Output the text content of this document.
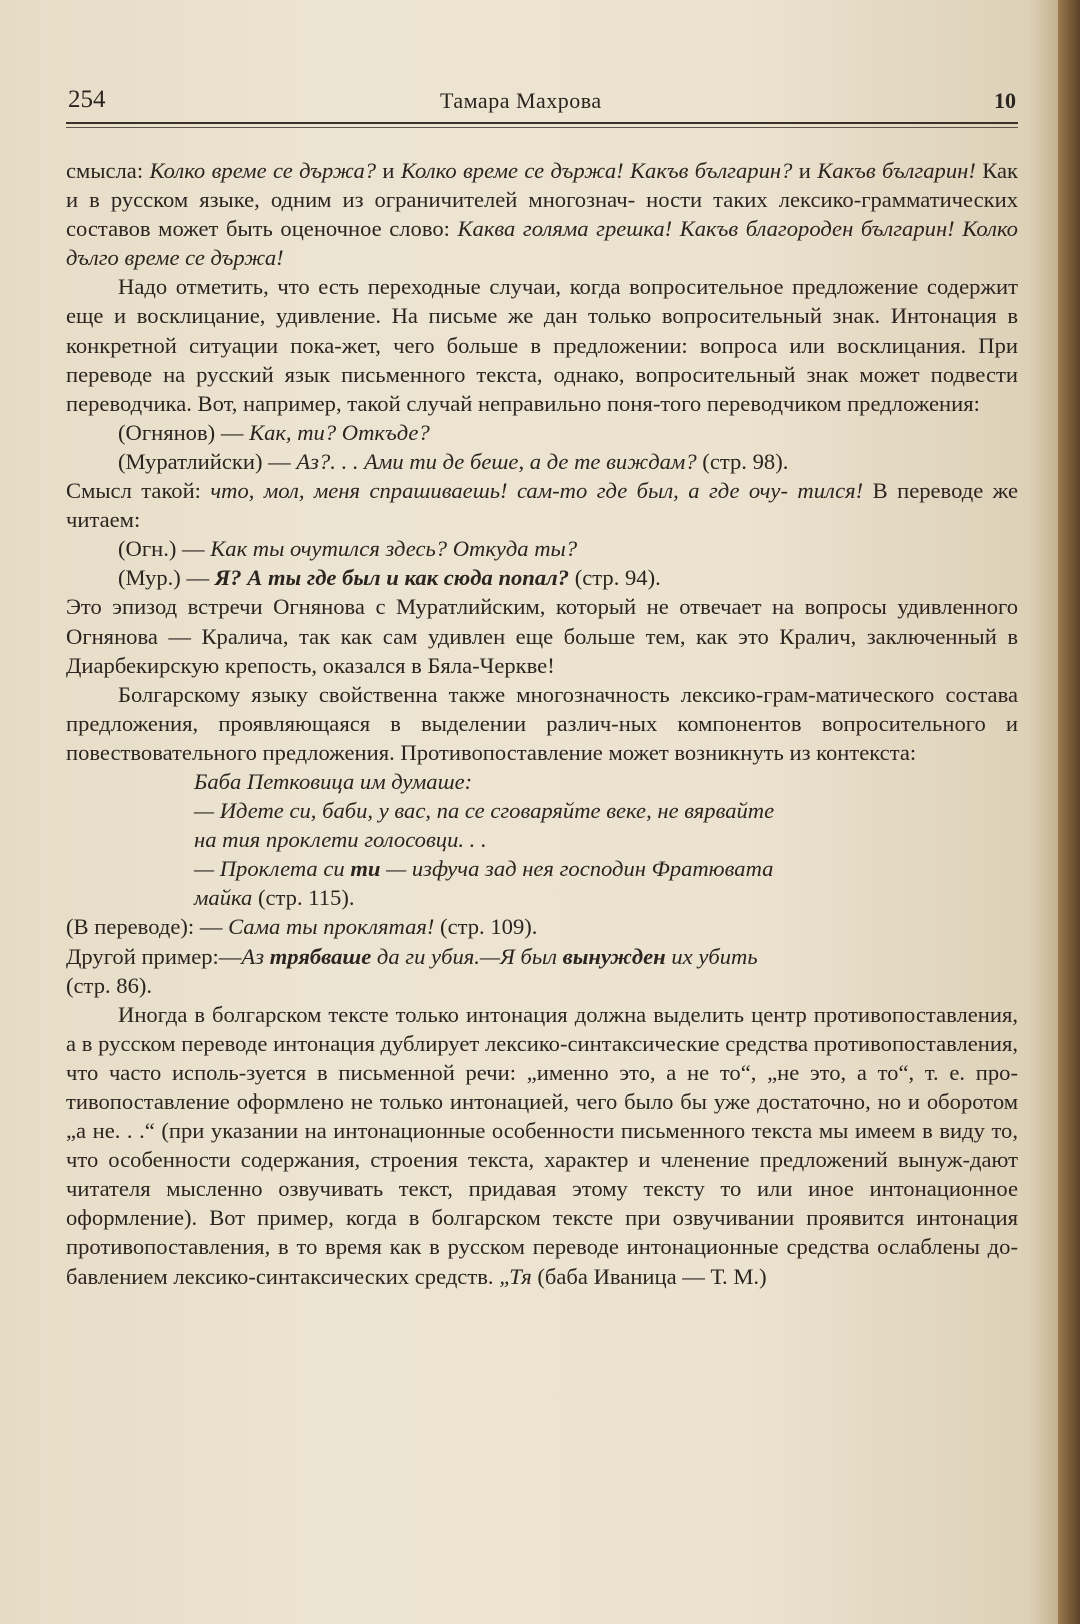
254	Тамара Махрова	10

смысла: Колко време се държа? и Колко време се държа! Какъв българин? и Какъв българин! Как и в русском языке, одним из ограничителей многознач- ности таких лексико-грамматических составов может быть оценочное слово: Каква голяма грешка! Какъв благороден българин! Колко дълго време се държа!

Надо отметить, что есть переходные случаи, когда вопросительное предложение содержит еще и восклицание, удивление. На письме же дан только вопросительный знак. Интонация в конкретной ситуации пока-жет, чего больше в предложении: вопроса или восклицания. При переводе на русский язык письменного текста, однако, вопросительный знак может подвести переводчика. Вот, например, такой случай неправильно поня-того переводчиком предложения:

(Огнянов) — Как, ти? Откъде?

(Муратлийски) — Аз?. . . Ами ти де беше, а де те виждам? (стр. 98).

Смысл такой: что, мол, меня спрашиваешь! сам-то где был, а где очу- тился! В переводе же читаем:

(Огн.) — Как ты очутился здесь? Откуда ты?

(Мур.) — Я? А ты где был и как сюда попал? (стр. 94).

Это эпизод встречи Огнянова с Муратлийским, который не отвечает на вопросы удивленного Огнянова — Кралича, так как сам удивлен еще больше тем, как это Кралич, заключенный в Диарбекирскую крепость, оказался в Бяла-Черкве!

Болгарскому языку свойственна также многозначность лексико-грам-матического состава предложения, проявляющаяся в выделении различ-ных компонентов вопросительного и повествовательного предложения. Противопоставление может возникнуть из контекста:

Баба Петковица им думаше:

— Идете си, баби, у вас, па се сговаряйте веке, не вярвайте

на тия проклети голосовци. . .

— Проклета си ти — изфуча зад нея господин Фратювата

майка (стр. 115).

(В переводе): — Сама ты проклятая! (стр. 109).

Другой пример:—Аз трябваше да ги убия.—Я был вынужден их убить

(стр. 86).

Иногда в болгарском тексте только интонация должна выделить центр противопоставления, а в русском переводе интонация дублирует лексико-синтаксические средства противопоставления, что часто исполь-зуется в письменной речи: „именно это, а не то“, „не это, а то“, т. е. про-тивопоставление оформлено не только интонацией, чего было бы уже достаточно, но и оборотом „а не. . .“ (при указании на интонационные особенности письменного текста мы имеем в виду то, что особенности содержания, строения текста, характер и членение предложений вынуж-дают читателя мысленно озвучивать текст, придавая этому тексту то или иное интонационное оформление). Вот пример, когда в болгарском тексте при озвучивании проявится интонация противопоставления, в то время как в русском переводе интонационные средства ослаблены до-бавлением лексико-синтаксических средств. „Тя (баба Иваница — Т. М.)
